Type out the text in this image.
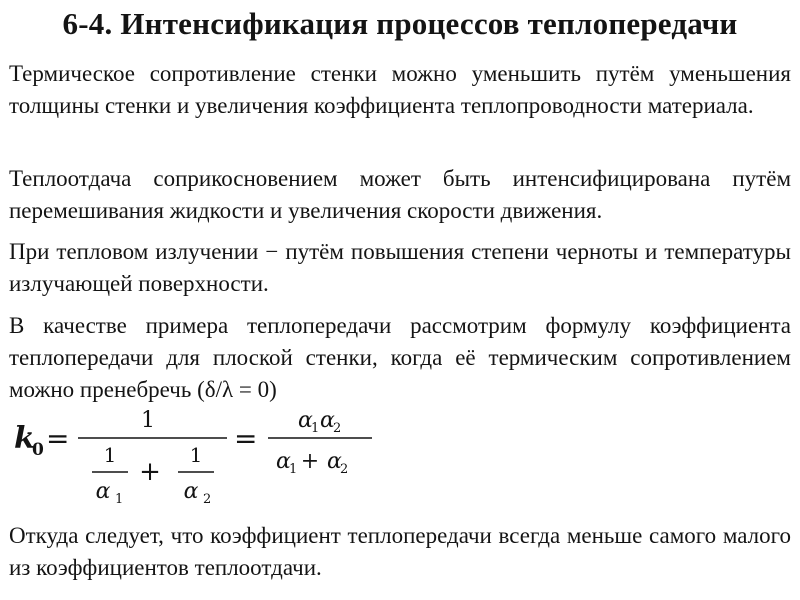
6-4. Интенсификация процессов теплопередачи

Термическое сопротивление стенки можно уменьшить путём уменьшения толщины стенки и увеличения коэффициента теплопроводности материала.

Теплоотдача соприкосновением может быть интенсифицирована путём перемешивания жидкости и увеличения скорости движения.

При тепловом излучении − путём повышения степени черноты и температуры излучающей поверхности.

В качестве примера теплопередачи рассмотрим формулу коэффициента теплопередачи для плоской стенки, когда её термическим сопротивлением можно пренебречь (δ/λ = 0)

k
0 =
1
1
α 1
+
1
α 2
=
α
1 α
2
α
1 + α
2

Откуда следует, что коэффициент теплопередачи всегда меньше самого малого из коэффициентов теплоотдачи.
